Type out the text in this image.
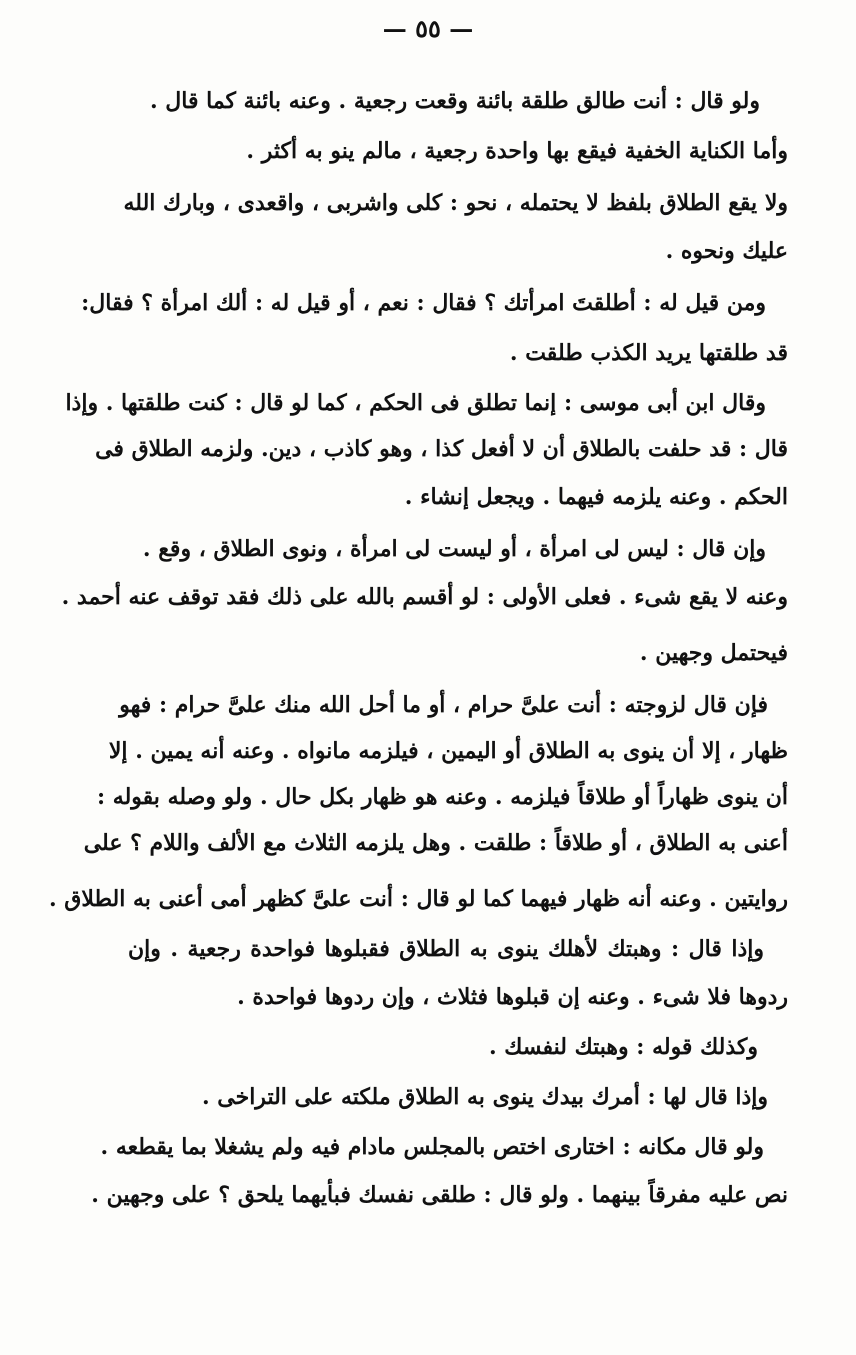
— ٥٥ —
ولو قال : أنت طالق طلقة بائنة وقعت رجعية . وعنه بائنة كما قال .
وأما الكناية الخفية فيقع بها واحدة رجعية ، مالم ينو به أكثر .
ولا يقع الطلاق بلفظ لا يحتمله ، نحو : كلى واشربى ، واقعدى ، وبارك الله
عليك ونحوه .
ومن قيل له : أطلقتَ امرأتك ؟ فقال : نعم ، أو قيل له : ألك امرأة ؟ فقال:
قد طلقتها يريد الكذب طلقت .
وقال ابن أبى موسى : إنما تطلق فى الحكم ، كما لو قال : كنت طلقتها . وإذا
قال : قد حلفت بالطلاق أن لا أفعل كذا ، وهو كاذب ، دين. ولزمه الطلاق فى
الحكم . وعنه يلزمه فيهما . ويجعل إنشاء .
وإن قال : ليس لى امرأة ، أو ليست لى امرأة ، ونوى الطلاق ، وقع .
وعنه لا يقع شىء . فعلى الأولى : لو أقسم بالله على ذلك فقد توقف عنه أحمد .
فيحتمل وجهين .
فإن قال لزوجته : أنت علىَّ حرام ، أو ما أحل الله منك علىَّ حرام : فهو
ظهار ، إلا أن ينوى به الطلاق أو اليمين ، فيلزمه مانواه . وعنه أنه يمين . إلا
أن ينوى ظهاراً أو طلاقاً فيلزمه . وعنه هو ظهار بكل حال . ولو وصله بقوله :
أعنى به الطلاق ، أو طلاقاً : طلقت . وهل يلزمه الثلاث مع الألف واللام ؟ على
روايتين . وعنه أنه ظهار فيهما كما لو قال : أنت علىَّ كظهر أمى أعنى به الطلاق .
وإذا قال : وهبتك لأهلك ينوى به الطلاق فقبلوها فواحدة رجعية . وإن
ردوها فلا شىء . وعنه إن قبلوها فثلاث ، وإن ردوها فواحدة .
وكذلك قوله : وهبتك لنفسك .
وإذا قال لها : أمرك بيدك ينوى به الطلاق ملكته على التراخى .
ولو قال مكانه : اختارى اختص بالمجلس مادام فيه ولم يشغلا بما يقطعه .
نص عليه مفرقاً بينهما . ولو قال : طلقى نفسك فبأيهما يلحق ؟ على وجهين .
